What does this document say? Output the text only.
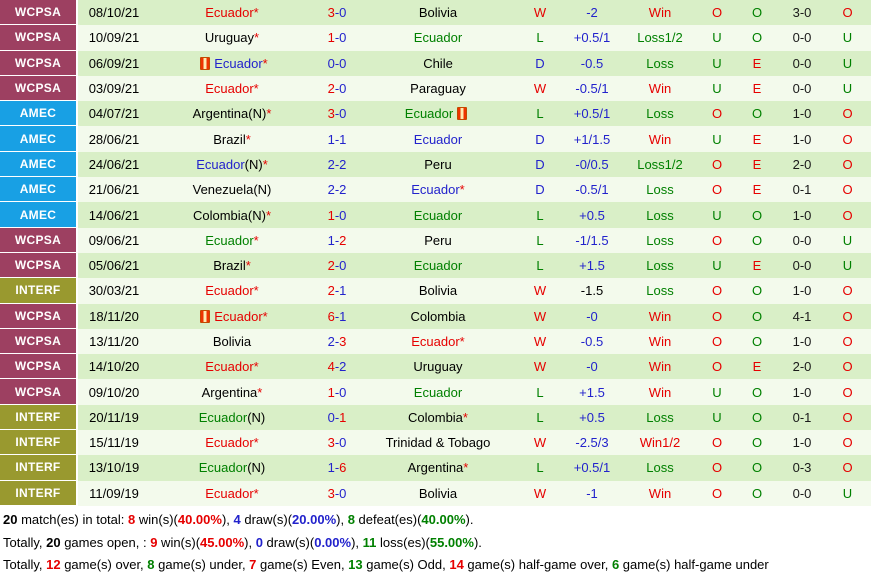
WCPSA	08/10/21	Ecuador *	3 - 0	Bolivia	W	-2	Win	O	O	3-0	O
WCPSA	10/09/21	Uruguay *	1 - 0	Ecuador	L	+0.5/1	Loss1/2	U	O	0-0	U
WCPSA	06/09/21	Ecuador *	0 - 0	Chile	D	-0.5	Loss	U	E	0-0	U
WCPSA	03/09/21	Ecuador *	2 - 0	Paraguay	W	-0.5/1	Win	U	E	0-0	U
AMEC	04/07/21	Argentina (N) *	3 - 0	Ecuador	L	+0.5/1	Loss	O	O	1-0	O
AMEC	28/06/21	Brazil *	1 - 1	Ecuador	D	+1/1.5	Win	U	E	1-0	O
AMEC	24/06/21	Ecuador (N) *	2 - 2	Peru	D	-0/0.5	Loss1/2	O	E	2-0	O
AMEC	21/06/21	Venezuela (N)	2 - 2	Ecuador *	D	-0.5/1	Loss	O	E	0-1	O
AMEC	14/06/21	Colombia (N) *	1 - 0	Ecuador	L	+0.5	Loss	U	O	1-0	O
WCPSA	09/06/21	Ecuador *	1 - 2	Peru	L	-1/1.5	Loss	O	O	0-0	U
WCPSA	05/06/21	Brazil *	2 - 0	Ecuador	L	+1.5	Loss	U	E	0-0	U
INTERF	30/03/21	Ecuador *	2 - 1	Bolivia	W	-1.5	Loss	O	O	1-0	O
WCPSA	18/11/20	Ecuador *	6 - 1	Colombia	W	-0	Win	O	O	4-1	O
WCPSA	13/11/20	Bolivia	2 - 3	Ecuador *	W	-0.5	Win	O	O	1-0	O
WCPSA	14/10/20	Ecuador *	4 - 2	Uruguay	W	-0	Win	O	E	2-0	O
WCPSA	09/10/20	Argentina *	1 - 0	Ecuador	L	+1.5	Win	U	O	1-0	O
INTERF	20/11/19	Ecuador (N)	0 - 1	Colombia *	L	+0.5	Loss	U	O	0-1	O
INTERF	15/11/19	Ecuador *	3 - 0	Trinidad & Tobago	W	-2.5/3	Win1/2	O	O	1-0	O
INTERF	13/10/19	Ecuador (N)	1 - 6	Argentina *	L	+0.5/1	Loss	O	O	0-3	O
INTERF	11/09/19	Ecuador *	3 - 0	Bolivia	W	-1	Win	O	O	0-0	U
20 match(es) in total: 8 win(s)(40.00%), 4 draw(s)(20.00%), 8 defeat(es)(40.00%).
Totally, 20 games open, : 9 win(s)(45.00%), 0 draw(s)(0.00%), 11 loss(es)(55.00%).
Totally, 12 game(s) over, 8 game(s) under, 7 game(s) Even, 13 game(s) Odd, 14 game(s) half-game over, 6 game(s) half-game under
